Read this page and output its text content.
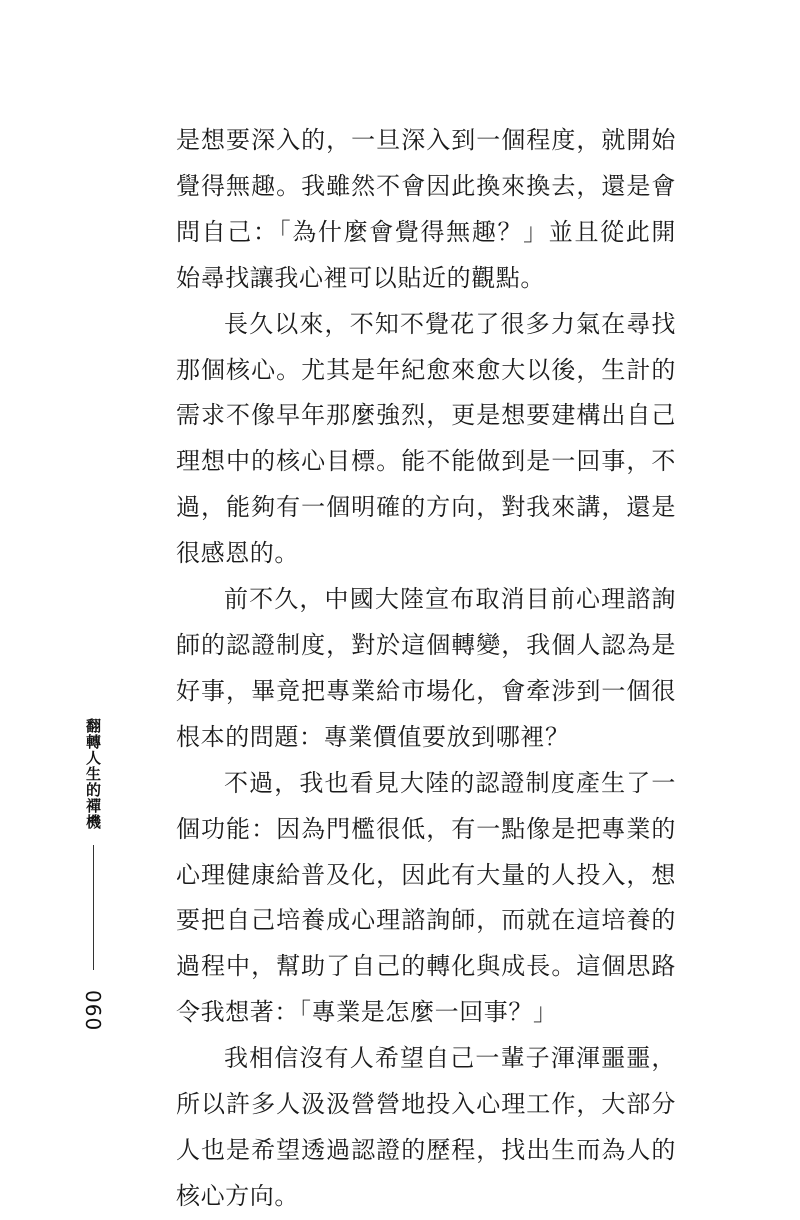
是想要深入的，一旦深入到一個程度，就開始覺得無趣。我雖然不會因此換來換去，還是會問自己：「為什麼會覺得無趣？」並且從此開始尋找讓我心裡可以貼近的觀點。

長久以來，不知不覺花了很多力氣在尋找那個核心。尤其是年紀愈來愈大以後，生計的需求不像早年那麼強烈，更是想要建構出自己理想中的核心目標。能不能做到是一回事，不過，能夠有一個明確的方向，對我來講，還是很感恩的。

前不久，中國大陸宣布取消目前心理諮詢師的認證制度，對於這個轉變，我個人認為是好事，畢竟把專業給市場化，會牽涉到一個很根本的問題：專業價值要放到哪裡？

不過，我也看見大陸的認證制度產生了一個功能：因為門檻很低，有一點像是把專業的心理健康給普及化，因此有大量的人投入，想要把自己培養成心理諮詢師，而就在這培養的過程中，幫助了自己的轉化與成長。這個思路令我想著：「專業是怎麼一回事？」

我相信沒有人希望自己一輩子渾渾噩噩，所以許多人汲汲營營地投入心理工作，大部分人也是希望透過認證的歷程，找出生而為人的核心方向。

翻轉人生的禪機
060
